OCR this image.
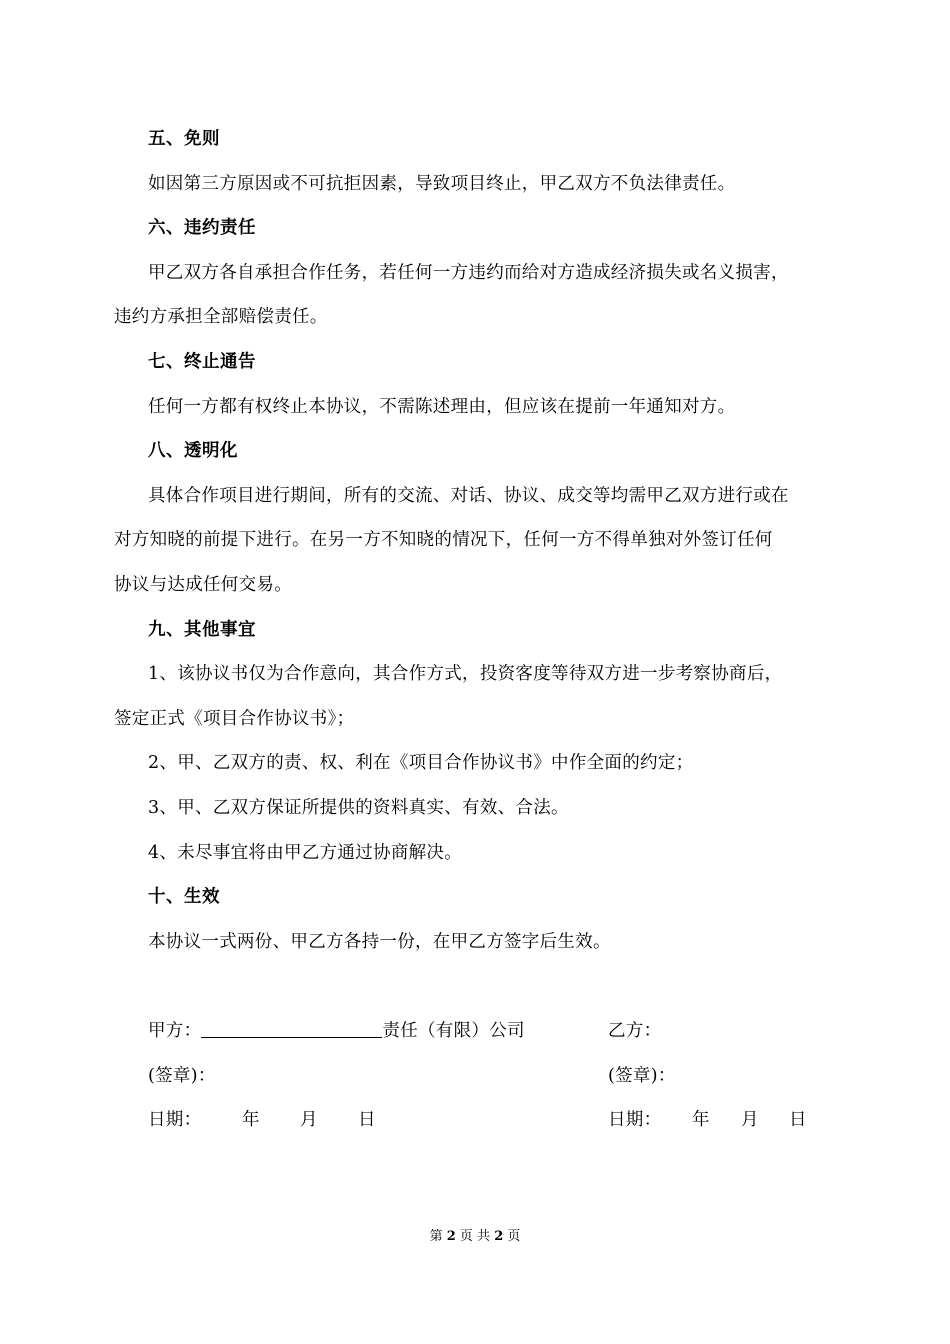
五、免则
如因第三方原因或不可抗拒因素，导致项目终止，甲乙双方不负法律责任。
六、违约责任
甲乙双方各自承担合作任务，若任何一方违约而给对方造成经济损失或名义损害，
违约方承担全部赔偿责任。
七、终止通告
任何一方都有权终止本协议，不需陈述理由，但应该在提前一年通知对方。
八、透明化
具体合作项目进行期间，所有的交流、对话、协议、成交等均需甲乙双方进行或在
对方知晓的前提下进行。在另一方不知晓的情况下，任何一方不得单独对外签订任何
协议与达成任何交易。
九、其他事宜
1、该协议书仅为合作意向，其合作方式，投资客度等待双方进一步考察协商后，
签定正式《项目合作协议书》；
2、甲、乙双方的责、权、利在《项目合作协议书》中作全面的约定；
3、甲、乙双方保证所提供的资料真实、有效、合法。
4、未尽事宜将由甲乙方通过协商解决。
十、生效
本协议一式两份、甲乙方各持一份，在甲乙方签字后生效。
甲方：	责任（有限）公司	乙方：
(签章)：	(签章)：
日期： 年 月 日	日期： 年 月 日
第 2 页 共 2 页
